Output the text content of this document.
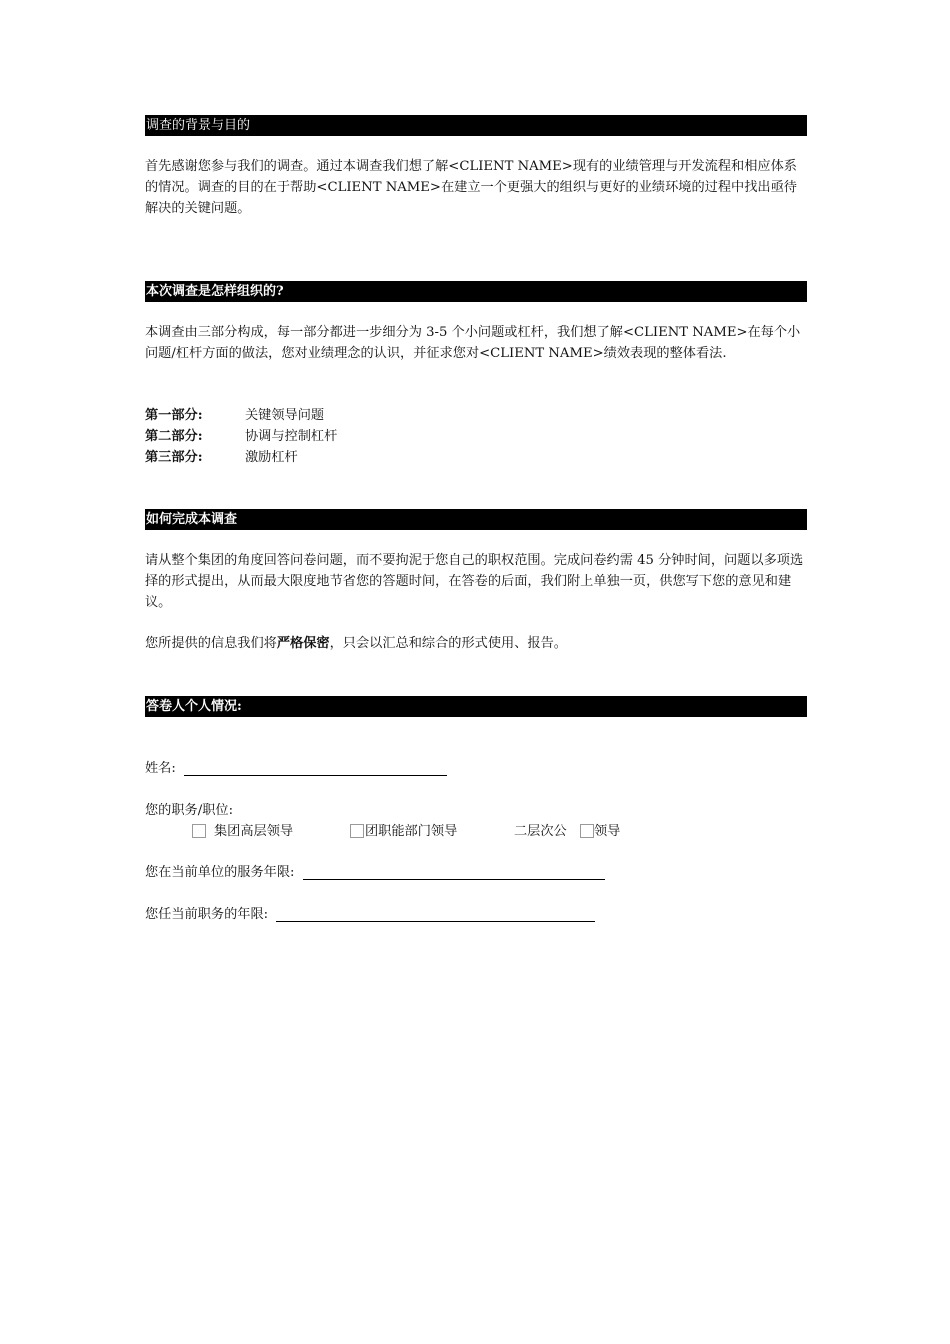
调查的背景与目的

首先感谢您参与我们的调查。通过本调查我们想了解<CLIENT NAME>现有的业绩管理与开发流程和相应体系的情况。调查的目的在于帮助<CLIENT NAME>在建立一个更强大的组织与更好的业绩环境的过程中找出亟待解决的关键问题。

本次调查是怎样组织的?

本调查由三部分构成，每一部分都进一步细分为 3-5 个小问题或杠杆，我们想了解<CLIENT NAME>在每个小问题/杠杆方面的做法，您对业绩理念的认识，并征求您对<CLIENT NAME>绩效表现的整体看法.

第一部分:	关键领导问题
第二部分:	协调与控制杠杆
第三部分:	激励杠杆
如何完成本调查

请从整个集团的角度回答问卷问题，而不要拘泥于您自己的职权范围。完成问卷约需 45 分钟时间，问题以多项选择的形式提出，从而最大限度地节省您的答题时间，在答卷的后面，我们附上单独一页，供您写下您的意见和建议。

您所提供的信息我们将严格保密，只会以汇总和综合的形式使用、报告。

答卷人个人情况:
姓名:
您的职务/职位:
集团高层领导	团职能部门领导	二层次公 领导
您在当前单位的服务年限:
您任当前职务的年限:
